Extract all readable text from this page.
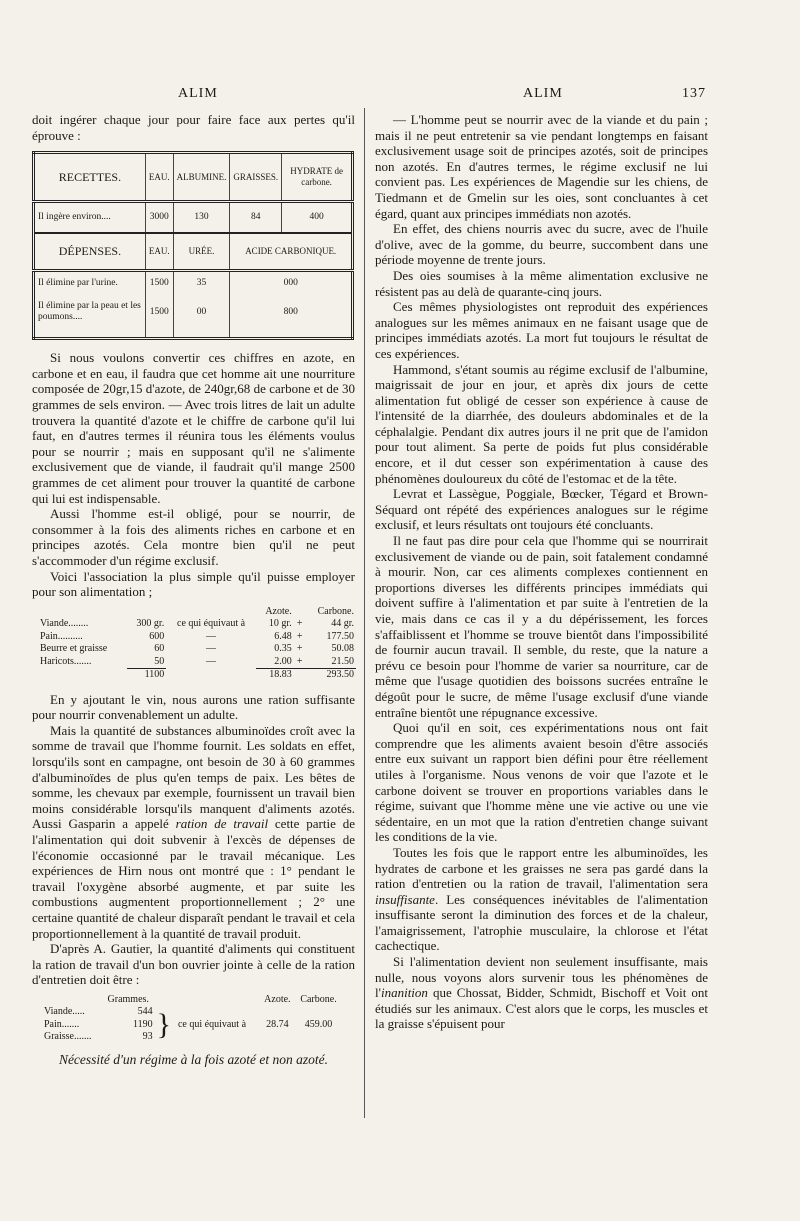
ALIM	ALIM	137

doit ingérer chaque jour pour faire face aux pertes qu'il éprouve :

RECETTES.	EAU.	ALBUMINE.	GRAISSES.	HYDRATE de carbone.
Il ingère environ....	3000	130	84	400
DÉPENSES.	EAU.	URÉE.	ACIDE CARBONIQUE.	
Il élimine par l'urine.	1500	35	000	
Il élimine par la peau et les poumons....	1500	00	800	

Si nous voulons convertir ces chiffres en azote, en carbone et en eau, il faudra que cet homme ait une nourriture composée de 20gr,15 d'azote, de 240gr,68 de carbone et de 30 grammes de sels environ. — Avec trois litres de lait un adulte trouvera la quantité d'azote et le chiffre de carbone qu'il lui faut, en d'autres termes il réunira tous les éléments voulus pour se nourrir ; mais en supposant qu'il ne s'alimente exclusivement que de viande, il faudrait qu'il mange 2500 grammes de cet aliment pour trouver la quantité de carbone qui lui est indispensable.

Aussi l'homme est-il obligé, pour se nourrir, de consommer à la fois des aliments riches en carbone et en principes azotés. Cela montre bien qu'il ne peut s'accommoder d'un régime exclusif.

Voici l'association la plus simple qu'il puisse employer pour son alimentation ;

			Azote.		Carbone.
Viande........	300 gr.	ce qui équivaut à	10 gr.	+	44 gr.
Pain..........	600	—	6.48	+	177.50
Beurre et graisse	60	—	0.35	+	50.08
Haricots.......	50	—	2.00	+	21.50
	1100		18.83		293.50

En y ajoutant le vin, nous aurons une ration suffisante pour nourrir convenablement un adulte.

Mais la quantité de substances albuminoïdes croît avec la somme de travail que l'homme fournit. Les soldats en effet, lorsqu'ils sont en campagne, ont besoin de 30 à 60 grammes d'albuminoïdes de plus qu'en temps de paix. Les bêtes de somme, les chevaux par exemple, fournissent un travail bien moins considérable lorsqu'ils manquent d'aliments azotés. Aussi Gasparin a appelé ration de travail cette partie de l'alimentation qui doit subvenir à l'excès de dépenses de l'économie occasionné par le travail mécanique. Les expériences de Hirn nous ont montré que : 1° pendant le travail l'oxygène absorbé augmente, et par suite les combustions augmentent proportionnellement ; 2° une certaine quantité de chaleur disparaît pendant le travail et cela proportionnellement à la quantité de travail produit.

D'après A. Gautier, la quantité d'aliments qui constituent la ration de travail d'un bon ouvrier jointe à celle de la ration d'entretien doit être :

	Grammes.			Azote.	Carbone.
Viande.....	544	}	ce qui équivaut à	28.74	459.00
Pain.......	1190				
Graisse.......	93				

Nécessité d'un régime à la fois azoté et non azoté.

— L'homme peut se nourrir avec de la viande et du pain ; mais il ne peut entretenir sa vie pendant longtemps en faisant exclusivement usage soit de principes azotés, soit de principes non azotés. En d'autres termes, le régime exclusif ne lui convient pas. Les expériences de Magendie sur les chiens, de Tiedmann et de Gmelin sur les oies, sont concluantes à cet égard, quant aux principes immédiats non azotés.

En effet, des chiens nourris avec du sucre, avec de l'huile d'olive, avec de la gomme, du beurre, succombent dans une période moyenne de trente jours.

Des oies soumises à la même alimentation exclusive ne résistent pas au delà de quarante-cinq jours.

Ces mêmes physiologistes ont reproduit des expériences analogues sur les mêmes animaux en ne faisant usage que de principes immédiats azotés. La mort fut toujours le résultat de ces expériences.

Hammond, s'étant soumis au régime exclusif de l'albumine, maigrissait de jour en jour, et après dix jours de cette alimentation fut obligé de cesser son expérience à cause de l'intensité de la diarrhée, des douleurs abdominales et de la céphalalgie. Pendant dix autres jours il ne prit que de l'amidon pour tout aliment. Sa perte de poids fut plus considérable encore, et il dut cesser son expérimentation à cause des phénomènes douloureux du côté de l'estomac et de la tête.

Levrat et Lassègue, Poggiale, Bœcker, Tégard et Brown-Séquard ont répété des expériences analogues sur le régime exclusif, et leurs résultats ont toujours été concluants.

Il ne faut pas dire pour cela que l'homme qui se nourrirait exclusivement de viande ou de pain, soit fatalement condamné à mourir. Non, car ces aliments complexes contiennent en proportions diverses les différents principes immédiats qui doivent suffire à l'alimentation et par suite à l'entretien de la vie, mais dans ce cas il y a du dépérissement, les forces s'affaiblissent et l'homme se trouve bientôt dans l'impossibilité de fournir aucun travail. Il semble, du reste, que la nature a prévu ce besoin pour l'homme de varier sa nourriture, car de même que l'usage quotidien des boissons sucrées entraîne le dégoût pour le sucre, de même l'usage exclusif d'une viande entraîne bientôt une répugnance excessive.

Quoi qu'il en soit, ces expérimentations nous ont fait comprendre que les aliments avaient besoin d'être associés entre eux suivant un rapport bien défini pour être réellement utiles à l'organisme. Nous venons de voir que l'azote et le carbone doivent se trouver en proportions variables dans le régime, suivant que l'homme mène une vie active ou une vie sédentaire, en un mot que la ration d'entretien change suivant les conditions de la vie.

Toutes les fois que le rapport entre les albuminoïdes, les hydrates de carbone et les graisses ne sera pas gardé dans la ration d'entretien ou la ration de travail, l'alimentation sera insuffisante. Les conséquences inévitables de l'alimentation insuffisante seront la diminution des forces et de la chaleur, l'amaigrissement, l'atrophie musculaire, la chlorose et l'état cachectique.

Si l'alimentation devient non seulement insuffisante, mais nulle, nous voyons alors survenir tous les phénomènes de l'inanition que Chossat, Bidder, Schmidt, Bischoff et Voit ont étudiés sur les animaux. C'est alors que le corps, les muscles et la graisse s'épuisent pour
